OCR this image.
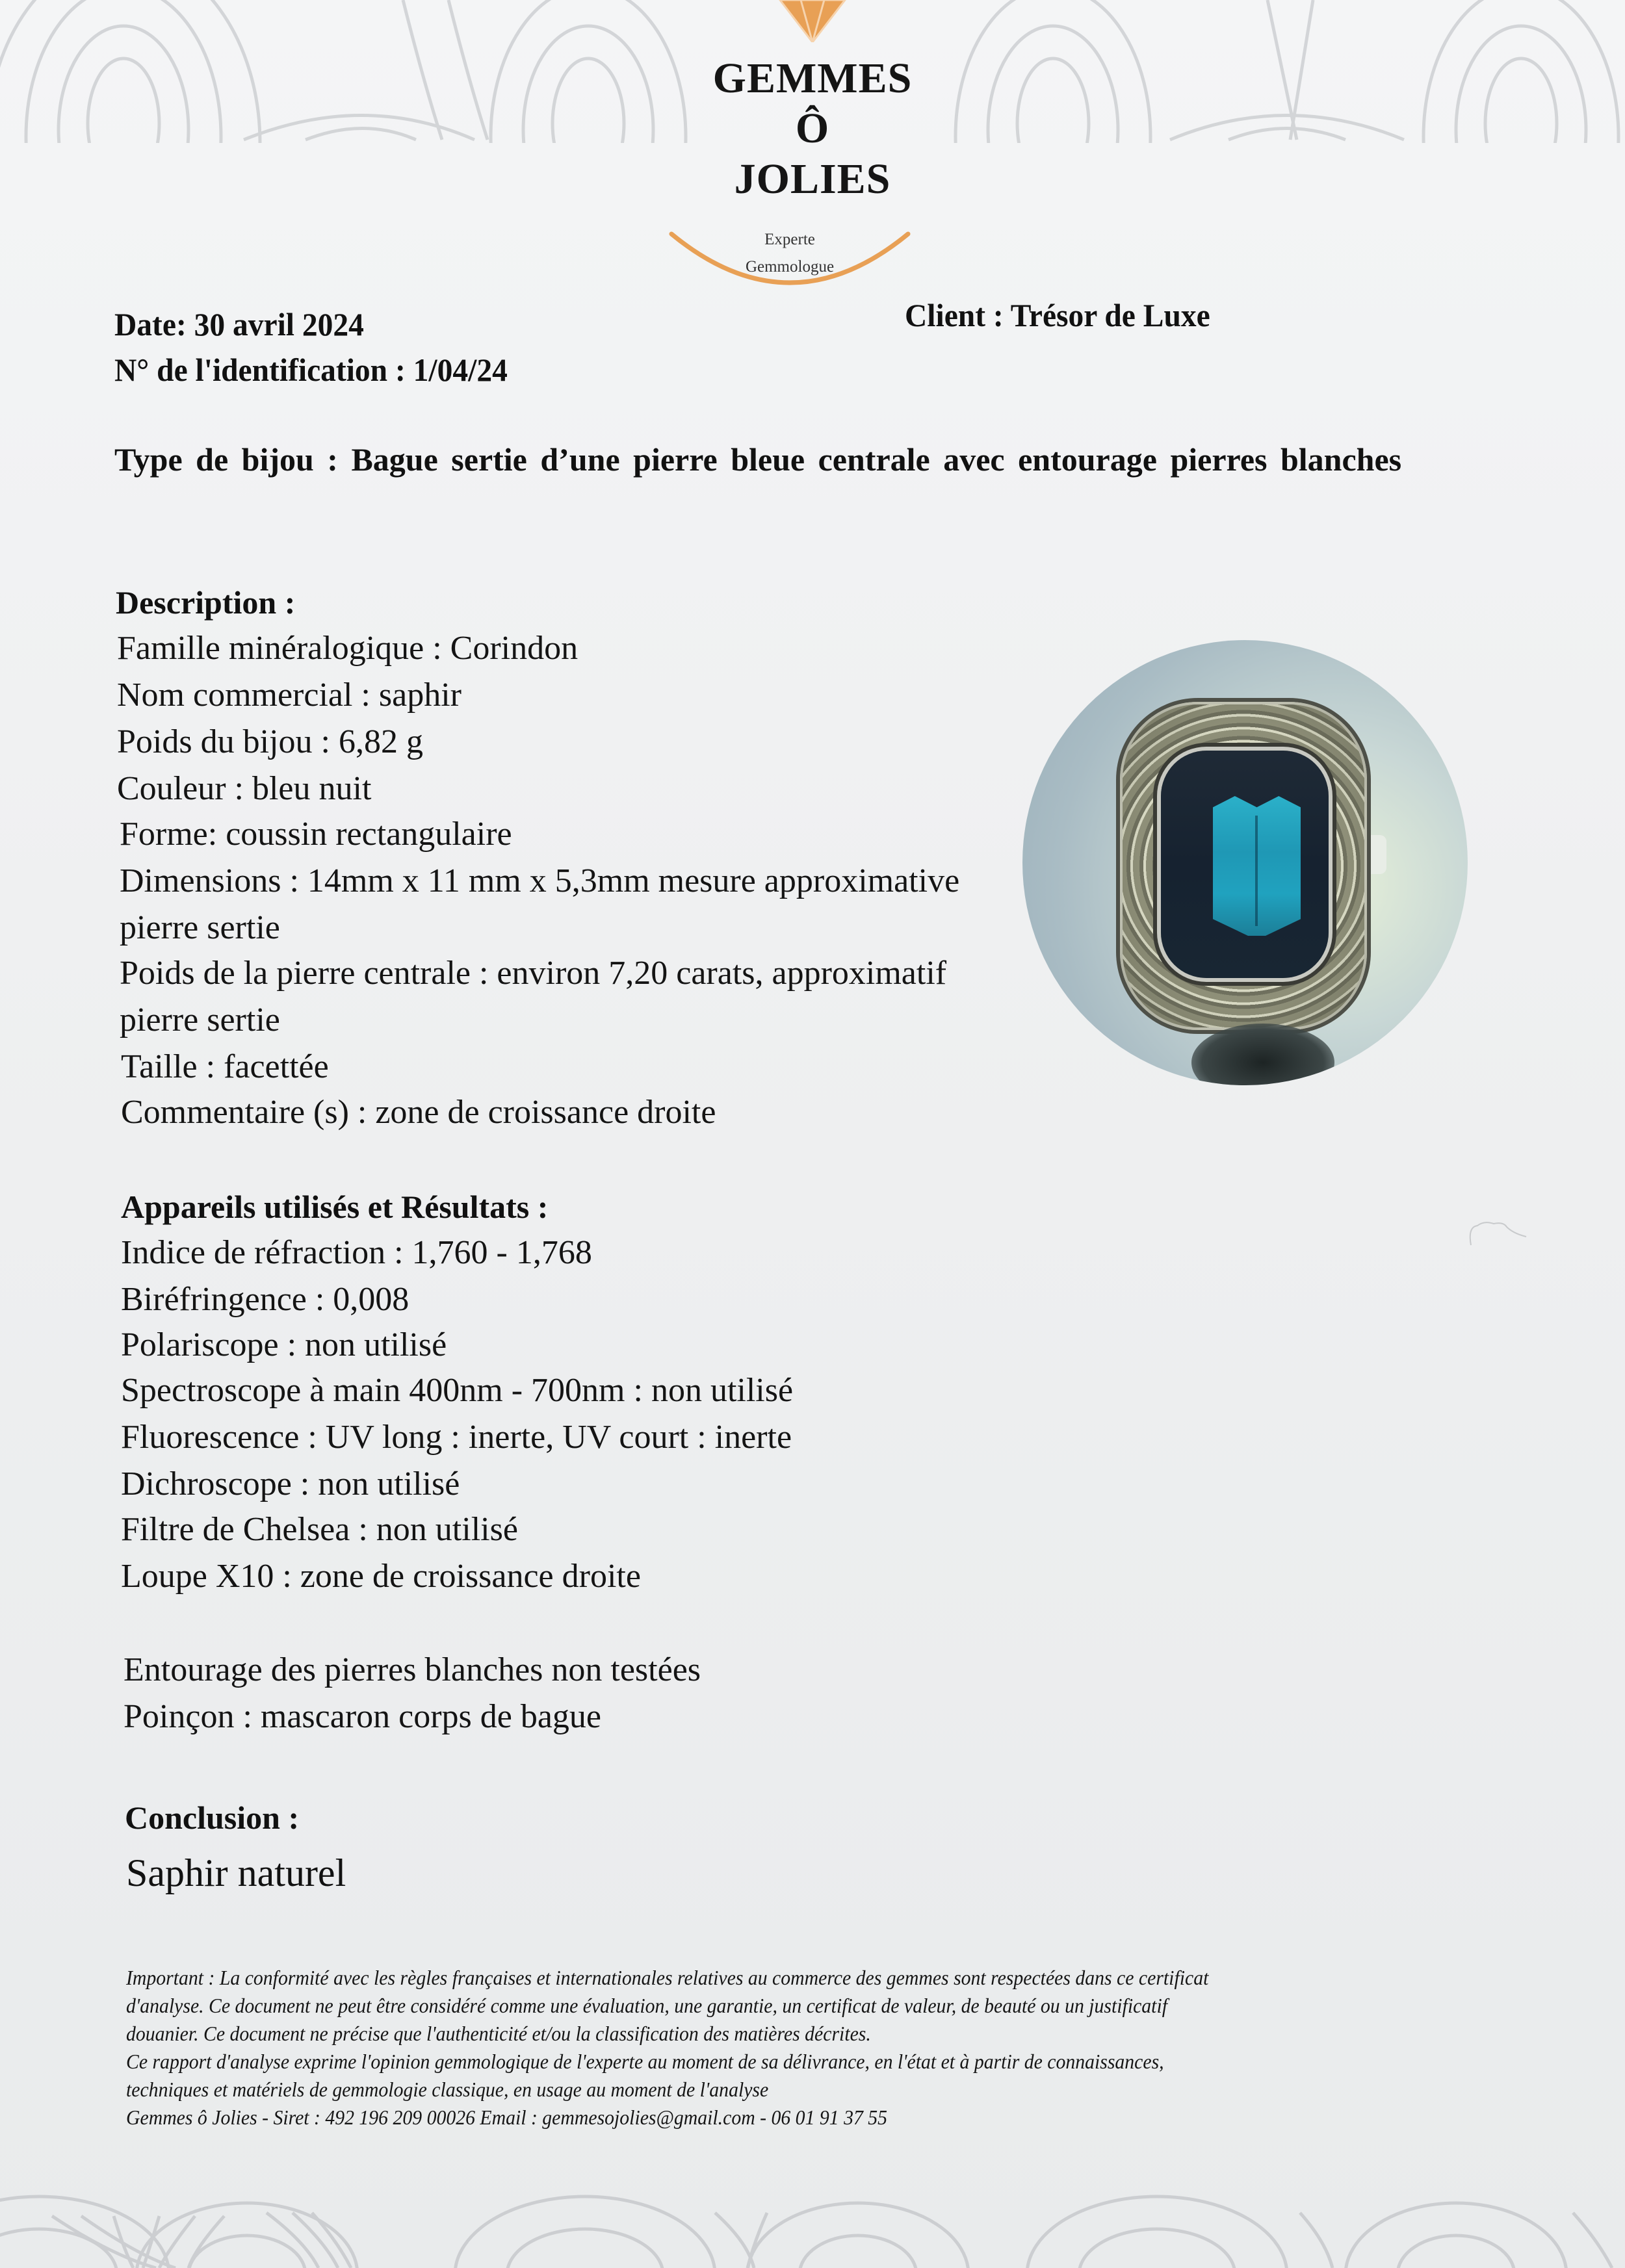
GEMMES
Ô
JOLIES
Experte
Gemmologue
Date: 30 avril 2024
N° de l'identification : 1/04/24
Client : Trésor de Luxe
Type de bijou : Bague sertie d’une pierre bleue centrale avec entourage pierres blanches
Description :
Famille minéralogique : Corindon
Nom commercial : saphir
Poids du bijou : 6,82 g
Couleur : bleu nuit
Forme: coussin rectangulaire
Dimensions : 14mm x 11 mm x 5,3mm mesure approximative
pierre sertie
Poids de la pierre centrale : environ 7,20 carats, approximatif
pierre sertie
Taille : facettée
Commentaire (s) : zone de croissance droite
Appareils utilisés et Résultats :
Indice de réfraction : 1,760 - 1,768
Biréfringence : 0,008
Polariscope : non utilisé
Spectroscope à main 400nm - 700nm : non utilisé
Fluorescence : UV long : inerte, UV court : inerte
Dichroscope : non utilisé
Filtre de Chelsea : non utilisé
Loupe X10 : zone de croissance droite
Entourage des pierres blanches non testées
Poinçon : mascaron corps de bague
Conclusion :
Saphir naturel
Important : La conformité avec les règles françaises et internationales relatives au commerce des gemmes sont respectées dans ce certificat
d'analyse. Ce document ne peut être considéré comme une évaluation, une garantie, un certificat de valeur, de beauté ou un justificatif
douanier. Ce document ne précise que l'authenticité et/ou la classification des matières décrites.
Ce rapport d'analyse exprime l'opinion gemmologique de l'experte au moment de sa délivrance, en l'état et à partir de connaissances,
techniques et matériels de gemmologie classique, en usage au moment de l'analyse
Gemmes ô Jolies - Siret : 492 196 209 00026 Email : gemmesojolies@gmail.com - 06 01 91 37 55
